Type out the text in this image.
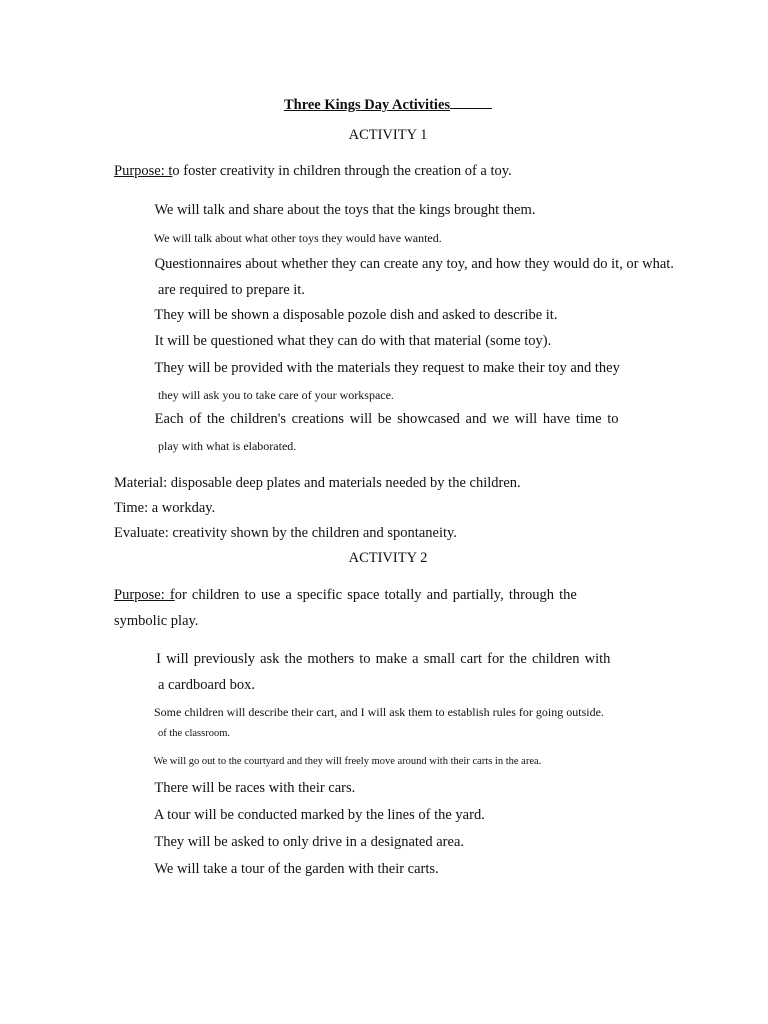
Three Kings Day Activities
ACTIVITY 1
Purpose: to foster creativity in children through the creation of a toy.
We will talk and share about the toys that the kings brought them.
We will talk about what other toys they would have wanted.
Questionnaires about whether they can create any toy, and how they would do it, or what.
are required to prepare it.
They will be shown a disposable pozole dish and asked to describe it.
It will be questioned what they can do with that material (some toy).
They will be provided with the materials they request to make their toy and they
they will ask you to take care of your workspace.
Each of the children's creations will be showcased and we will have time to
play with what is elaborated.
Material: disposable deep plates and materials needed by the children.
Time: a workday.
Evaluate: creativity shown by the children and spontaneity.
ACTIVITY 2
Purpose: for children to use a specific space totally and partially, through the
symbolic play.
I will previously ask the mothers to make a small cart for the children with
a cardboard box.
Some children will describe their cart, and I will ask them to establish rules for going outside.
of the classroom.
We will go out to the courtyard and they will freely move around with their carts in the area.
There will be races with their cars.
A tour will be conducted marked by the lines of the yard.
They will be asked to only drive in a designated area.
We will take a tour of the garden with their carts.
